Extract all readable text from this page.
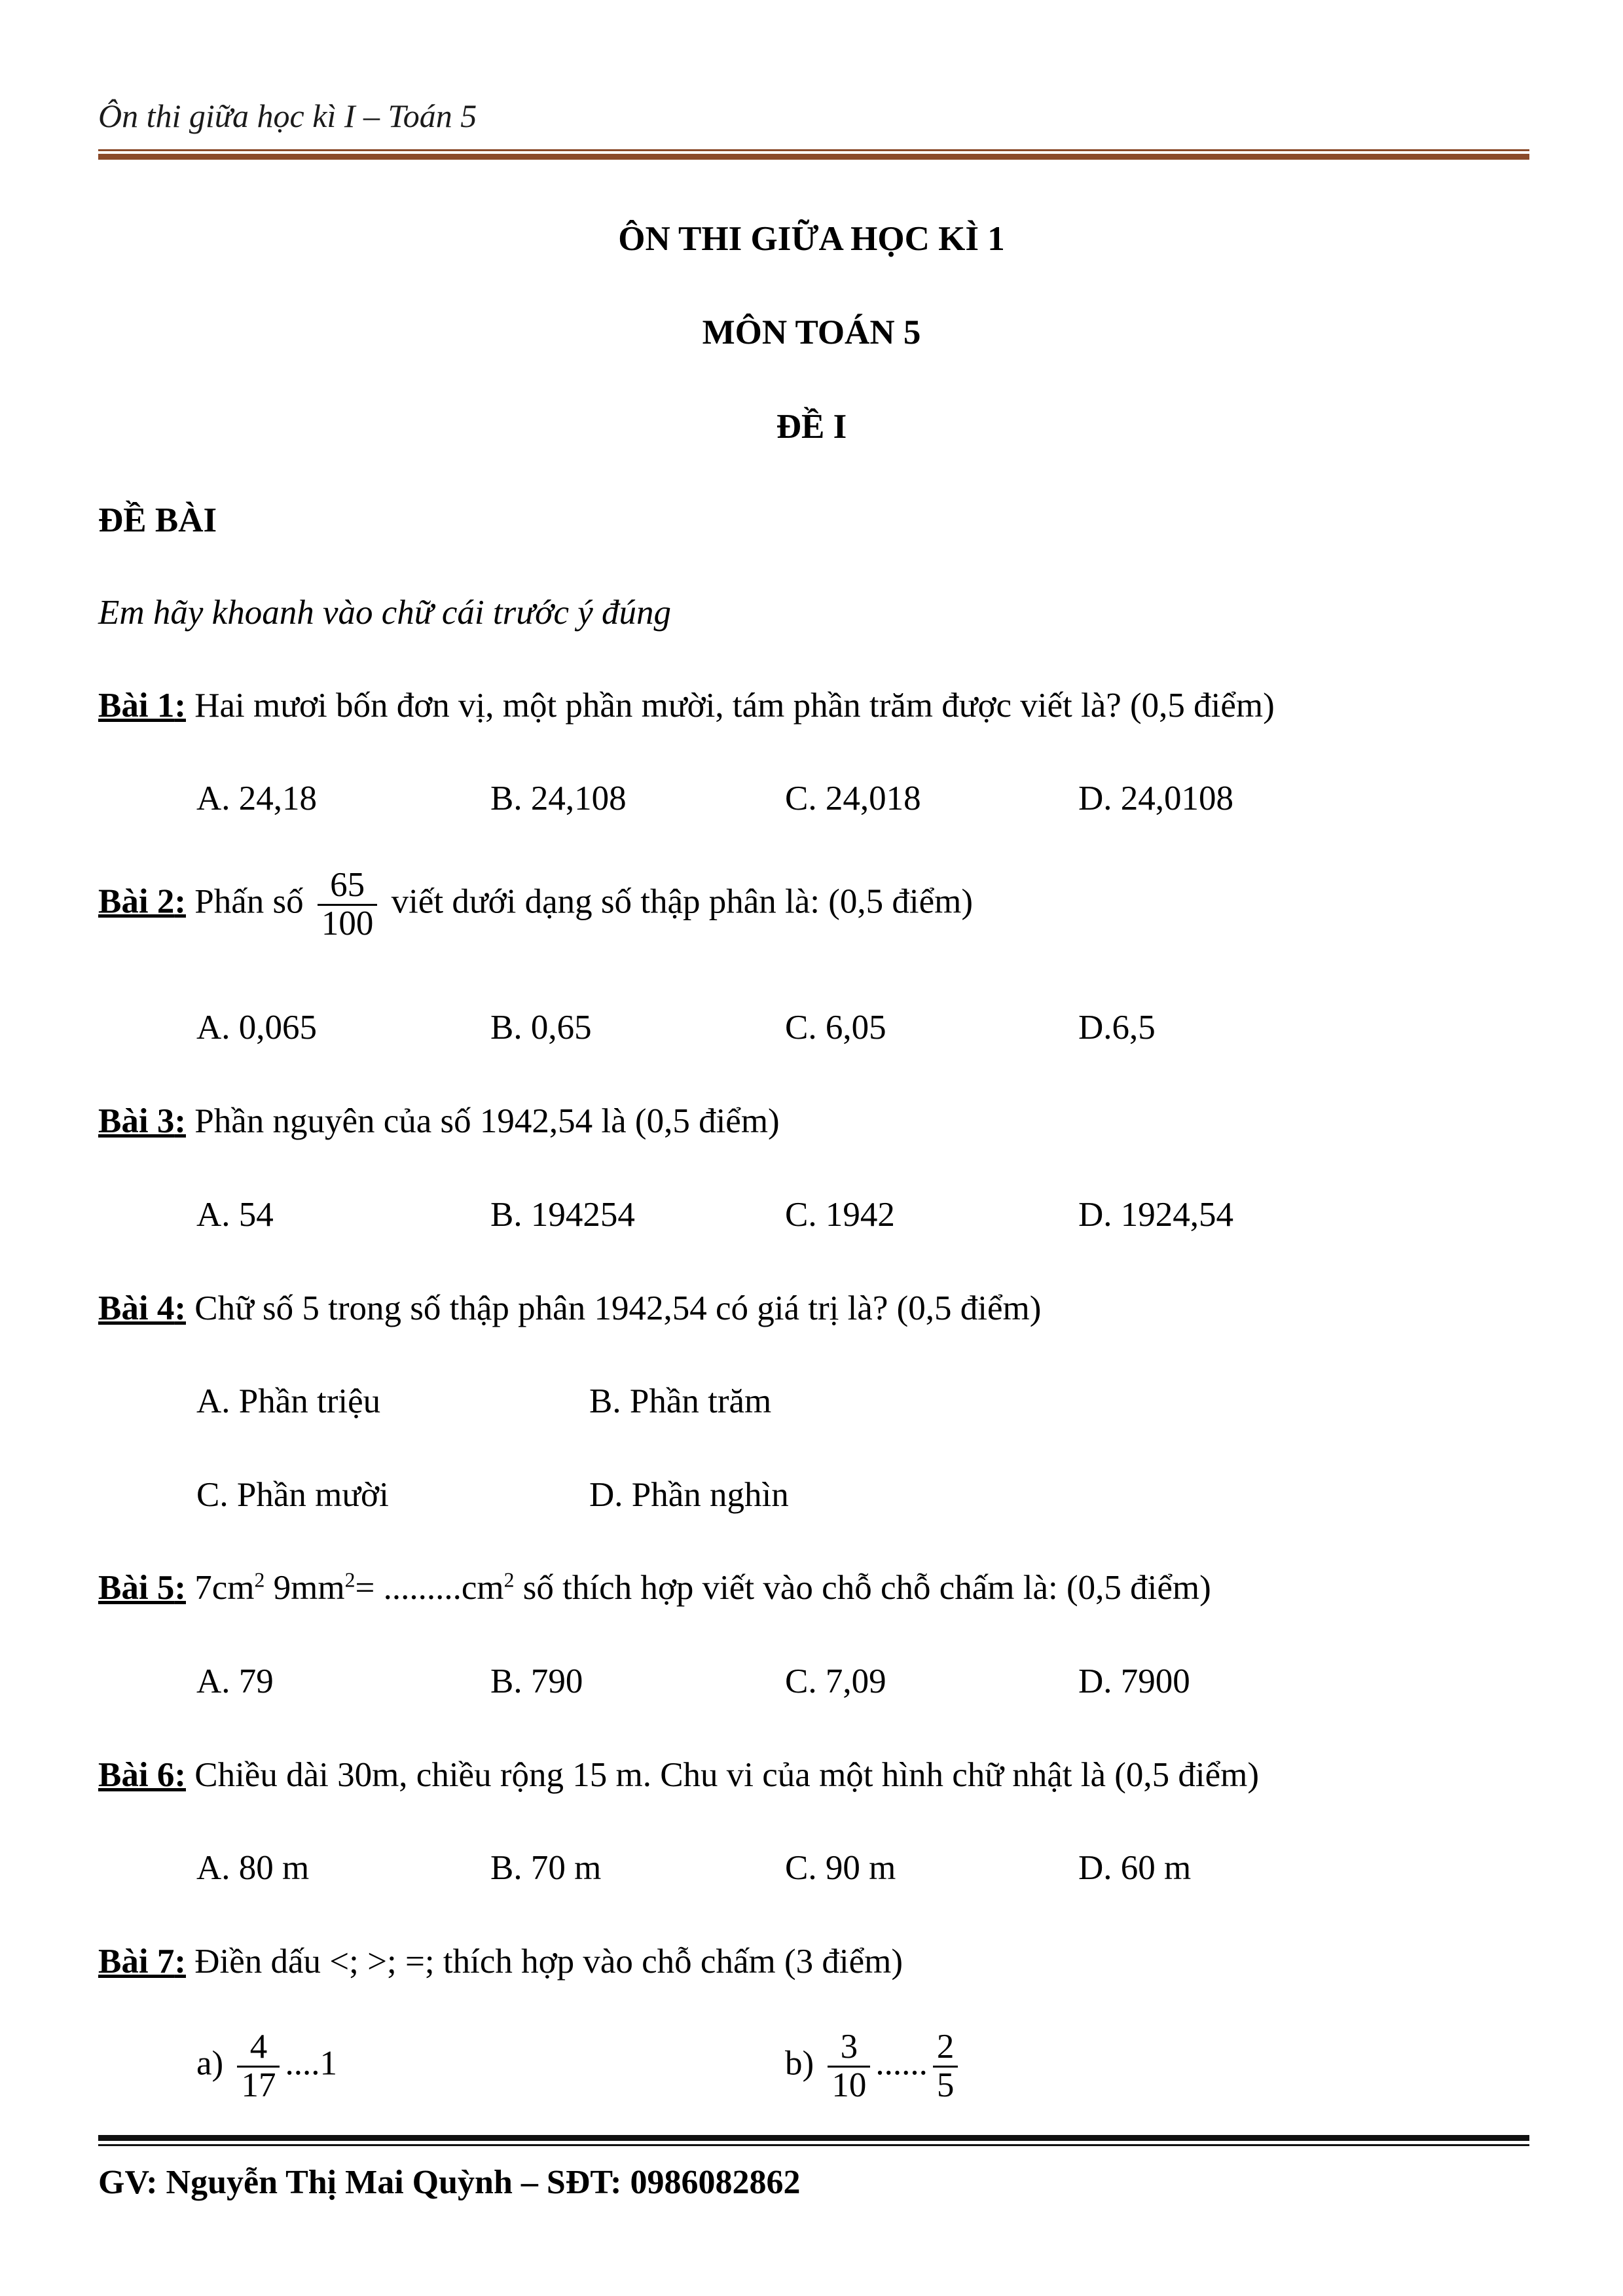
Ôn thi giữa học kì I – Toán 5
ÔN THI GIỮA HỌC KÌ 1
MÔN TOÁN 5
ĐỀ I
ĐỀ BÀI
Em hãy khoanh vào chữ cái trước ý đúng
Bài 1: Hai mươi bốn đơn vị, một phần mười, tám phần trăm được viết là? (0,5 điểm)
A. 24,18	B. 24,108	C. 24,018	D. 24,0108
Bài 2: Phấn số $\frac{65}{100}$ viết dưới dạng số thập phân là: (0,5 điểm)
A. 0,065	B. 0,65	C. 6,05	D.6,5
Bài 3: Phần nguyên của số 1942,54 là (0,5 điểm)
A. 54	B. 194254	C. 1942	D. 1924,54
Bài 4: Chữ số 5 trong số thập phân 1942,54 có giá trị là? (0,5 điểm)
A. Phần triệu	B. Phần trăm
C. Phần mười	D. Phần nghìn
Bài 5: $7cm^2$ $9mm^2= .........cm^2$ số thích hợp viết vào chỗ chỗ chấm là: (0,5 điểm)
A. 79	B. 790	C. 7,09	D. 7900
Bài 6: Chiều dài 30m, chiều rộng 15 m. Chu vi của một hình chữ nhật là (0,5 điểm)
A. 80 m	B. 70 m	C. 90 m	D. 60 m
Bài 7: Điền dấu <; >; =; thích hợp vào chỗ chấm (3 điểm)
$a) \frac{4}{17} ....1$	$b) \frac{3}{10}$ ...... $\frac{2}{5}$
GV: Nguyễn Thị Mai Quỳnh – SĐT: 0986082862
